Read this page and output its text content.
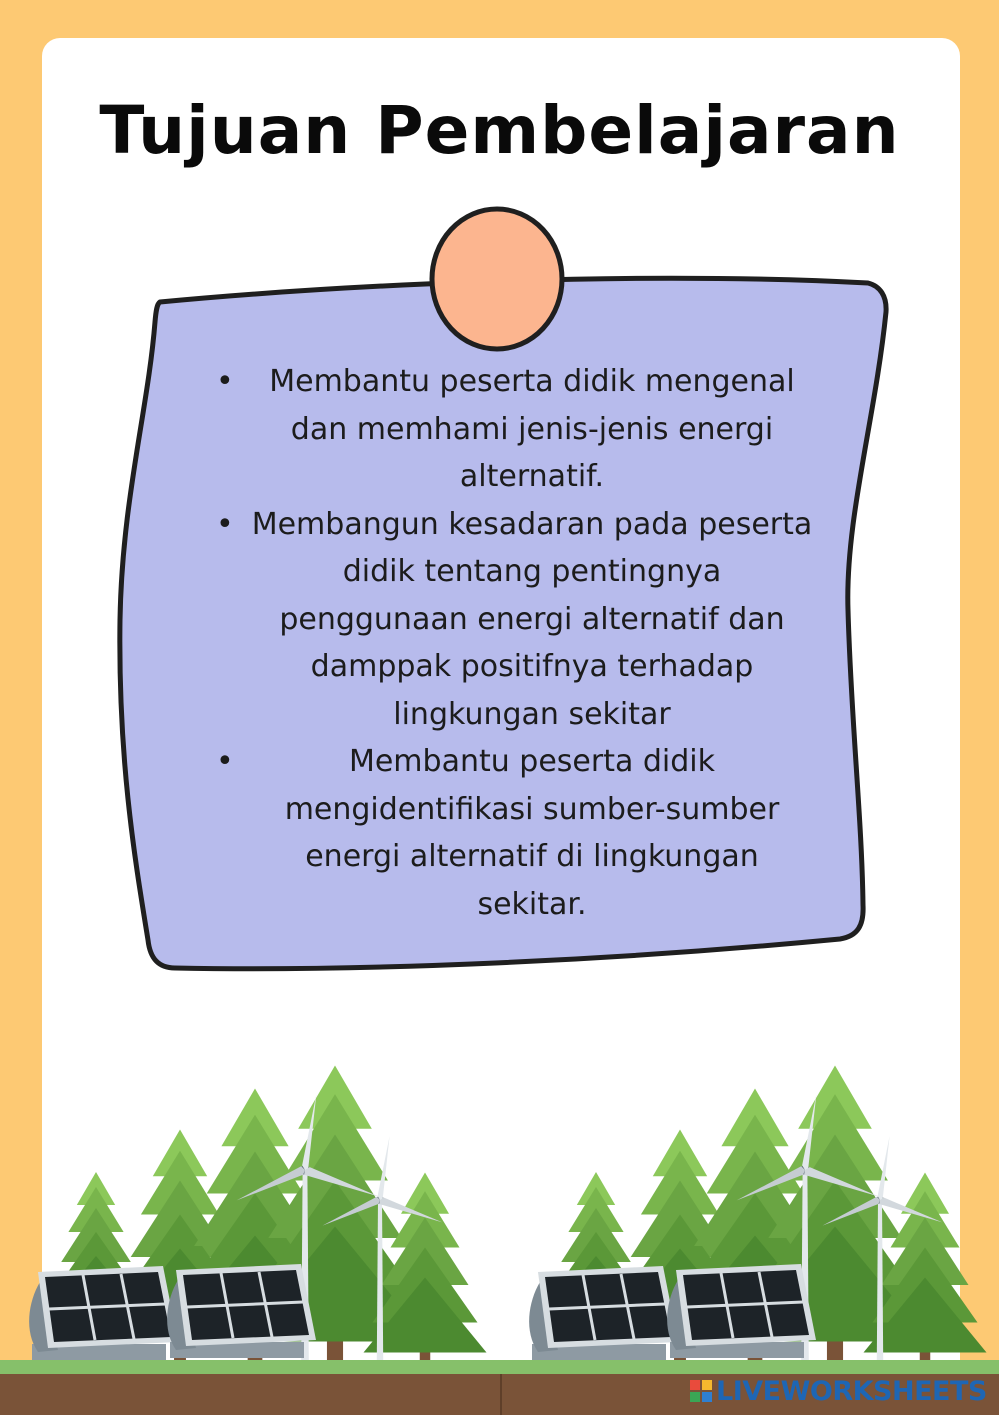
Tujuan Pembelajaran
• Membantu peserta didik mengenal dan memhami jenis-jenis energi alternatif.
• Membangun kesadaran pada peserta didik tentang pentingnya penggunaan energi alternatif dan damppak positifnya terhadap lingkungan sekitar
• Membantu peserta didik mengidentifikasi sumber-sumber energi alternatif di lingkungan sekitar.
LIVEWORKSHEETS
